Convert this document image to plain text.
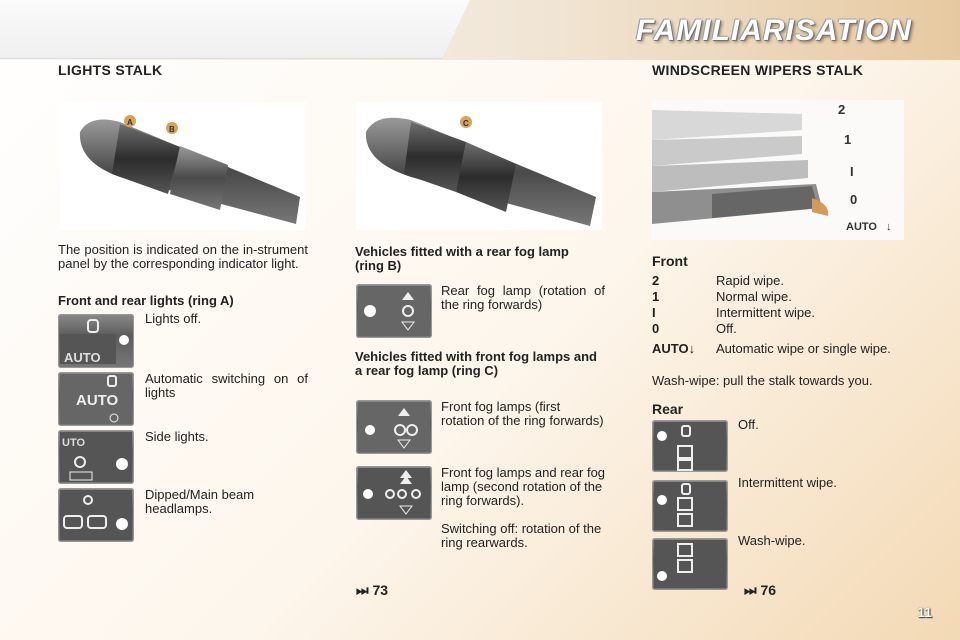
FAMILIARISATION
LIGHTS STALK	WINDSCREEN WIPERS STALK
A
B
The position is indicated on the in-strument panel by the corresponding indicator light.
Front and rear lights (ring A)
AUTO
Lights off.
AUTO
Automatic switching on of lights
UTO	Side lights.
Dipped/Main beam headlamps.
C
Vehicles fitted with a rear fog lamp (ring B)
Rear fog lamp (rotation of the ring forwards)
Vehicles fitted with front fog lamps and a rear fog lamp (ring C)
Front fog lamps (first rotation of the ring forwards)
Front fog lamps and rear fog lamp (second rotation of the ring forwards).
Switching off: rotation of the ring rearwards.
⏭ 73
2
1
I
0
AUTO ↓
Front
2	Rapid wipe.
1	Normal wipe.
I	Intermittent wipe.
0	Off.
AUTO↓	Automatic wipe or single wipe.
Wash-wipe: pull the stalk towards you.
Rear
Off.
Intermittent wipe.
Wash-wipe.
⏭ 76
11
